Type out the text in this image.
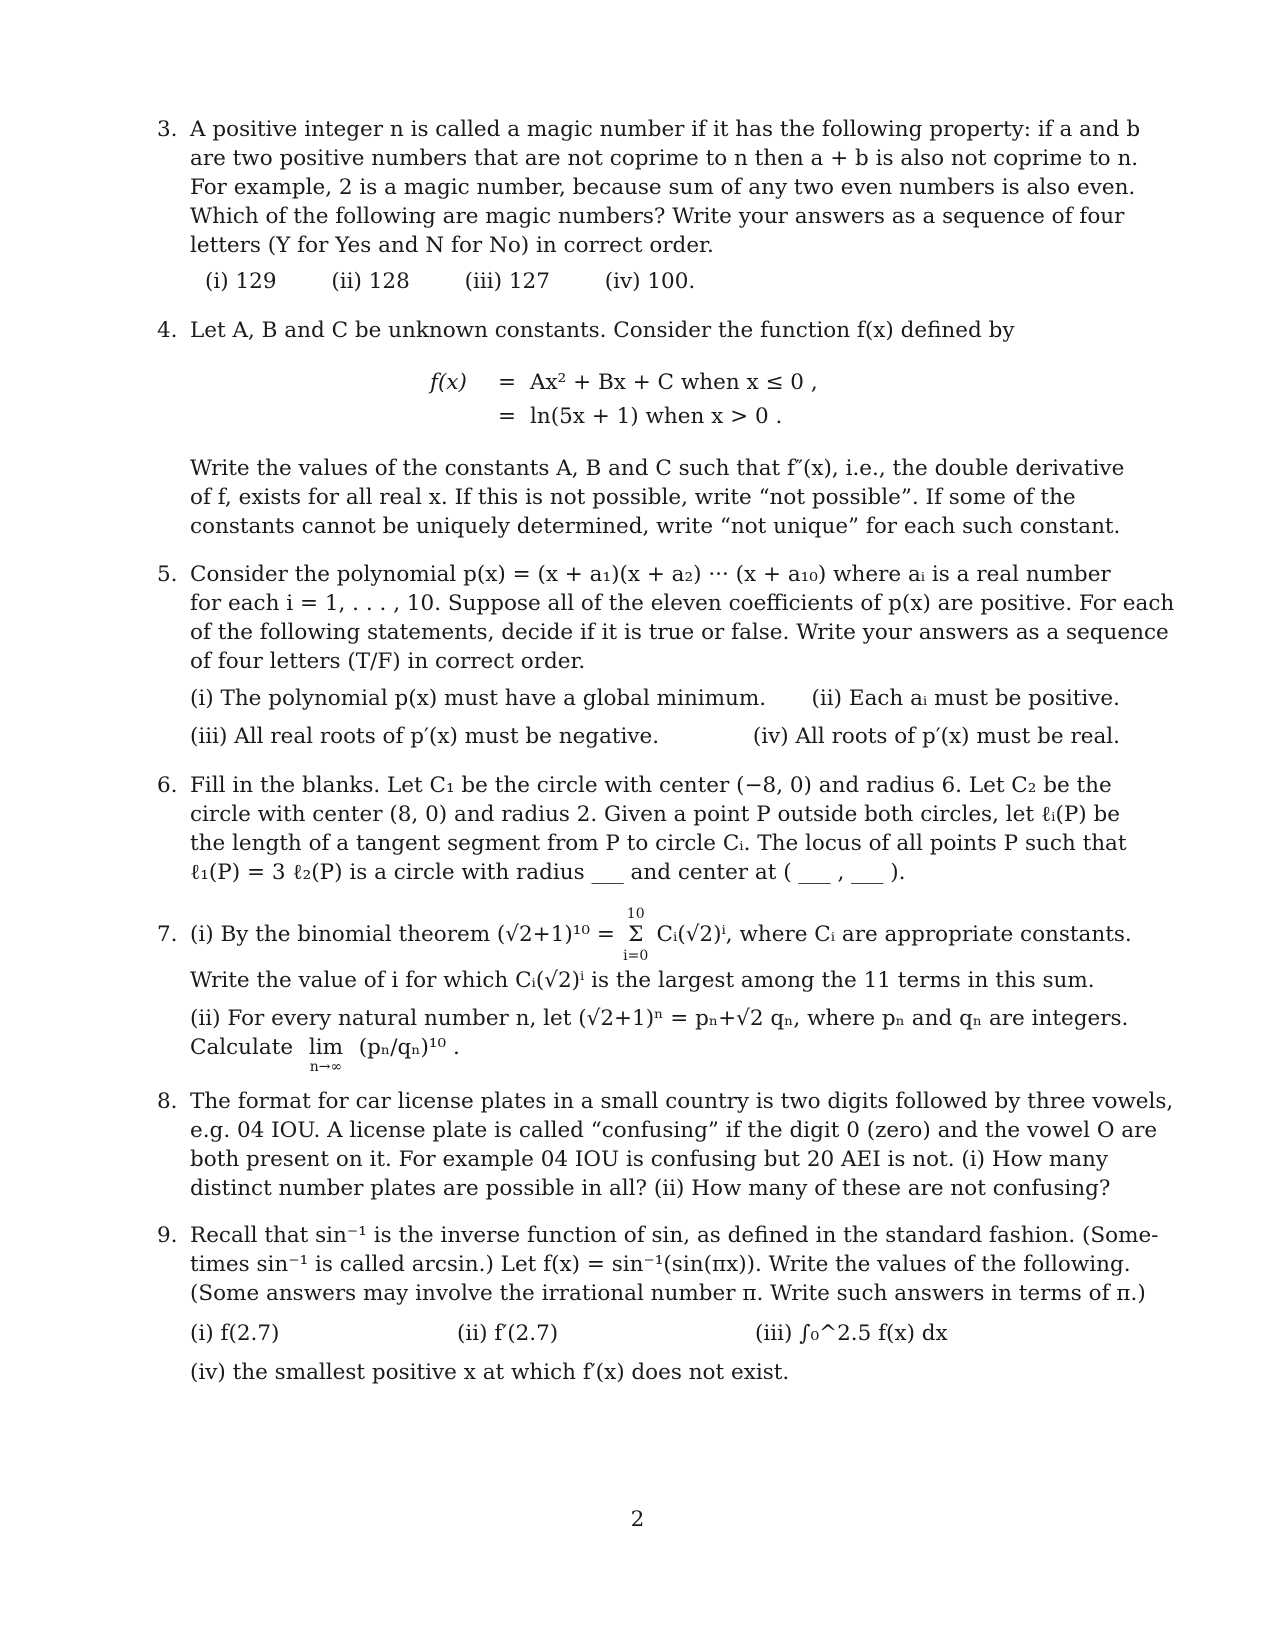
3. A positive integer n is called a magic number if it has the following property: if a and b
are two positive numbers that are not coprime to n then a + b is also not coprime to n.
For example, 2 is a magic number, because sum of any two even numbers is also even.
Which of the following are magic numbers? Write your answers as a sequence of four
letters (Y for Yes and N for No) in correct order.
(i) 129	(ii) 128	(iii) 127	(iv) 100.
4. Let A, B and C be unknown constants. Consider the function f(x) defined by
f(x) = Ax² + Bx + C when x ≤ 0 ,
= ln(5x + 1) when x > 0 .
Write the values of the constants A, B and C such that f″(x), i.e., the double derivative
of f, exists for all real x. If this is not possible, write “not possible”. If some of the
constants cannot be uniquely determined, write “not unique” for each such constant.
5. Consider the polynomial p(x) = (x + a₁)(x + a₂) ··· (x + a₁₀) where aᵢ is a real number
for each i = 1, . . . , 10. Suppose all of the eleven coefficients of p(x) are positive. For each
of the following statements, decide if it is true or false. Write your answers as a sequence
of four letters (T/F) in correct order.
(i) The polynomial p(x) must have a global minimum. (ii) Each aᵢ must be positive.
(iii) All real roots of p′(x) must be negative.	(iv) All roots of p′(x) must be real.
6. Fill in the blanks. Let C₁ be the circle with center (−8, 0) and radius 6. Let C₂ be the
circle with center (8, 0) and radius 2. Given a point P outside both circles, let ℓᵢ(P) be
the length of a tangent segment from P to circle Cᵢ. The locus of all points P such that
ℓ₁(P) = 3 ℓ₂(P) is a circle with radius ___ and center at ( ___ , ___ ).
7. (i) By the binomial theorem (√2+1)¹⁰ =
10
Σ
i=0
Cᵢ(√2)ⁱ, where Cᵢ are appropriate constants.
Write the value of i for which Cᵢ(√2)ⁱ is the largest among the 11 terms in this sum.
(ii) For every natural number n, let (√2+1)ⁿ = pₙ+√2 qₙ, where pₙ and qₙ are integers.
Calculate lim
n→∞
(pₙ/qₙ)¹⁰ .
8. The format for car license plates in a small country is two digits followed by three vowels,
e.g. 04 IOU. A license plate is called “confusing” if the digit 0 (zero) and the vowel O are
both present on it. For example 04 IOU is confusing but 20 AEI is not. (i) How many
distinct number plates are possible in all? (ii) How many of these are not confusing?
9. Recall that sin⁻¹ is the inverse function of sin, as defined in the standard fashion. (Some-
times sin⁻¹ is called arcsin.) Let f(x) = sin⁻¹(sin(πx)). Write the values of the following.
(Some answers may involve the irrational number π. Write such answers in terms of π.)
(i) f(2.7)	(ii) f′(2.7)	(iii) ∫₀^2.5 f(x) dx
(iv) the smallest positive x at which f′(x) does not exist.
2
